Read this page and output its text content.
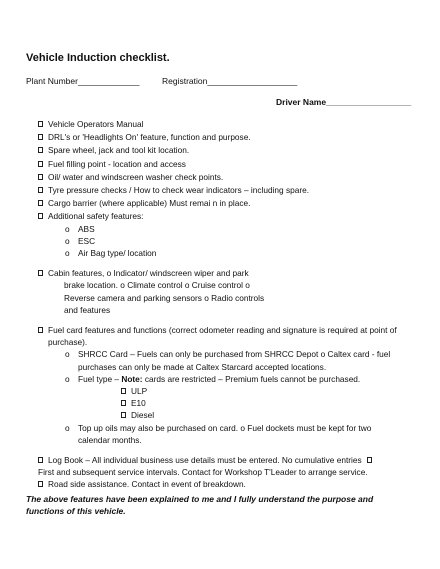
Vehicle Induction checklist.
Plant Number_____________	Registration___________________
Driver Name__________________
Vehicle Operators Manual
DRL's or 'Headlights On' feature, function and purpose.
Spare wheel, jack and tool kit location.
Fuel filling point - location and access
Oil/ water and windscreen washer check points.
Tyre pressure checks / How to check wear indicators – including spare.
Cargo barrier (where applicable) Must remai n in place.
Additional safety features:
o	ABS
o	ESC
o	Air Bag type/ location
Cabin features, o Indicator/ windscreen wiper and park
brake location. o Climate control o Cruise control o
Reverse camera and parking sensors o Radio controls
and features
Fuel card features and functions (correct odometer reading and signature is required at point of
purchase).
o	SHRCC Card – Fuels can only be purchased from SHRCC Depot o Caltex card - fuel
purchases can only be made at Caltex Starcard accepted locations.
o	Fuel type – Note: cards are restricted – Premium fuels cannot be purchased.
ULP
E10
Diesel
o	Top up oils may also be purchased on card. o Fuel dockets must be kept for two
calendar months.
Log Book – All individual business use details must be entered. No cumulative entries
First and subsequent service intervals. Contact for Workshop T'Leader to arrange service.
Road side assistance. Contact in event of breakdown.
The above features have been explained to me and I fully understand the purpose and functions of this vehicle.
